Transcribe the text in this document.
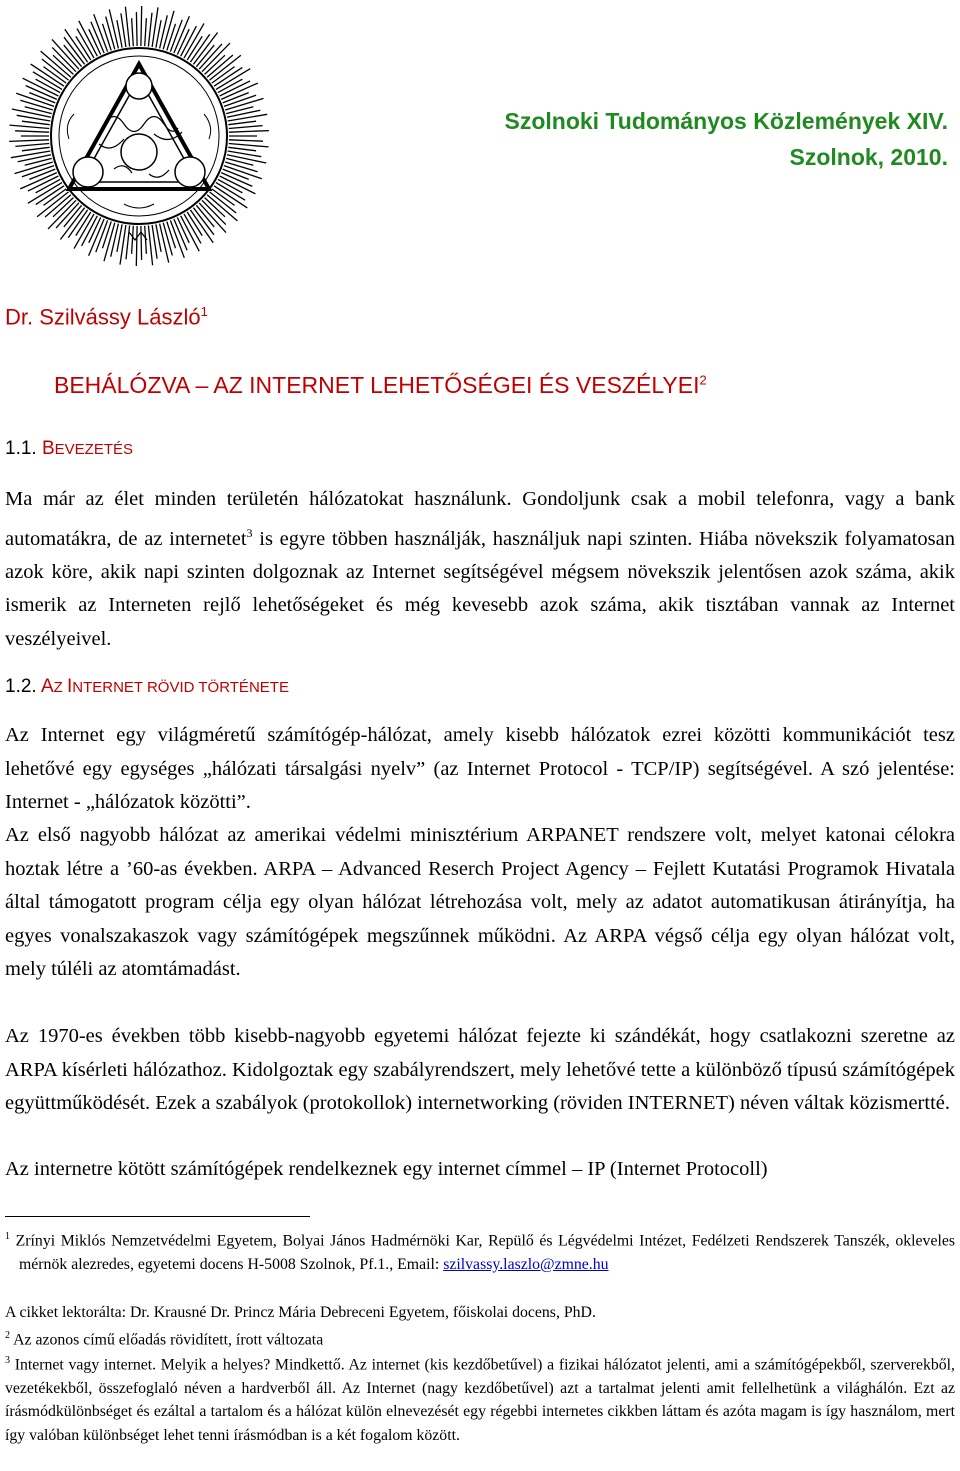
Szolnoki Tudományos Közlemények XIV.
Szolnok, 2010.
Dr. Szilvássy László$^1$
BEHÁLÓZVA – AZ INTERNET LEHETŐSÉGEI ÉS VESZÉLYEI$^2$
1.1. BEVEZETÉS
Ma már az élet minden területén hálózatokat használunk. Gondoljunk csak a mobil telefonra, vagy a bank automatákra, de az internetet$^3$ is egyre többen használják, használjuk napi szinten. Hiába növekszik folyamatosan azok köre, akik napi szinten dolgoznak az Internet segítségével mégsem növekszik jelentősen azok száma, akik ismerik az Interneten rejlő lehetőségeket és még kevesebb azok száma, akik tisztában vannak az Internet veszélyeivel.
1.2. AZ INTERNET RÖVID TÖRTÉNETE
Az Internet egy világméretű számítógép-hálózat, amely kisebb hálózatok ezrei közötti kommunikációt tesz lehetővé egy egységes „hálózati társalgási nyelv” (az Internet Protocol - TCP/IP) segítségével. A szó jelentése: Internet - „hálózatok közötti”.
Az első nagyobb hálózat az amerikai védelmi minisztérium ARPANET rendszere volt, melyet katonai célokra hoztak létre a ’60-as években. ARPA – Advanced Reserch Project Agency – Fejlett Kutatási Programok Hivatala által támogatott program célja egy olyan hálózat létrehozása volt, mely az adatot automatikusan átirányítja, ha egyes vonalszakaszok vagy számítógépek megszűnnek működni. Az ARPA végső célja egy olyan hálózat volt, mely túléli az atomtámadást.
Az 1970-es években több kisebb-nagyobb egyetemi hálózat fejezte ki szándékát, hogy csatlakozni szeretne az ARPA kísérleti hálózathoz. Kidolgoztak egy szabályrendszert, mely lehetővé tette a különböző típusú számítógépek együttműködését. Ezek a szabályok (protokollok) internetworking (röviden INTERNET) néven váltak közismertté.
Az internetre kötött számítógépek rendelkeznek egy internet címmel – IP (Internet Protocoll)
$^1$ Zrínyi Miklós Nemzetvédelmi Egyetem, Bolyai János Hadmérnöki Kar, Repülő és Légvédelmi Intézet, Fedélzeti Rendszerek Tanszék, okleveles mérnök alezredes, egyetemi docens H-5008 Szolnok, Pf.1., Email: szilvassy.laszlo@zmne.hu
A cikket lektorálta: Dr. Krausné Dr. Princz Mária Debreceni Egyetem, főiskolai docens, PhD.
$^2$ Az azonos című előadás rövidített, írott változata
$^3$ Internet vagy internet. Melyik a helyes? Mindkettő. Az internet (kis kezdőbetűvel) a fizikai hálózatot jelenti, ami a számítógépekből, szerverekből, vezetékekből, összefoglaló néven a hardverből áll. Az Internet (nagy kezdőbetűvel) azt a tartalmat jelenti amit fellelhetünk a világhálón. Ezt az írásmódkülönbséget és ezáltal a tartalom és a hálózat külön elnevezését egy régebbi internetes cikkben láttam és azóta magam is így használom, mert így valóban különbséget lehet tenni írásmódban is a két fogalom között.
